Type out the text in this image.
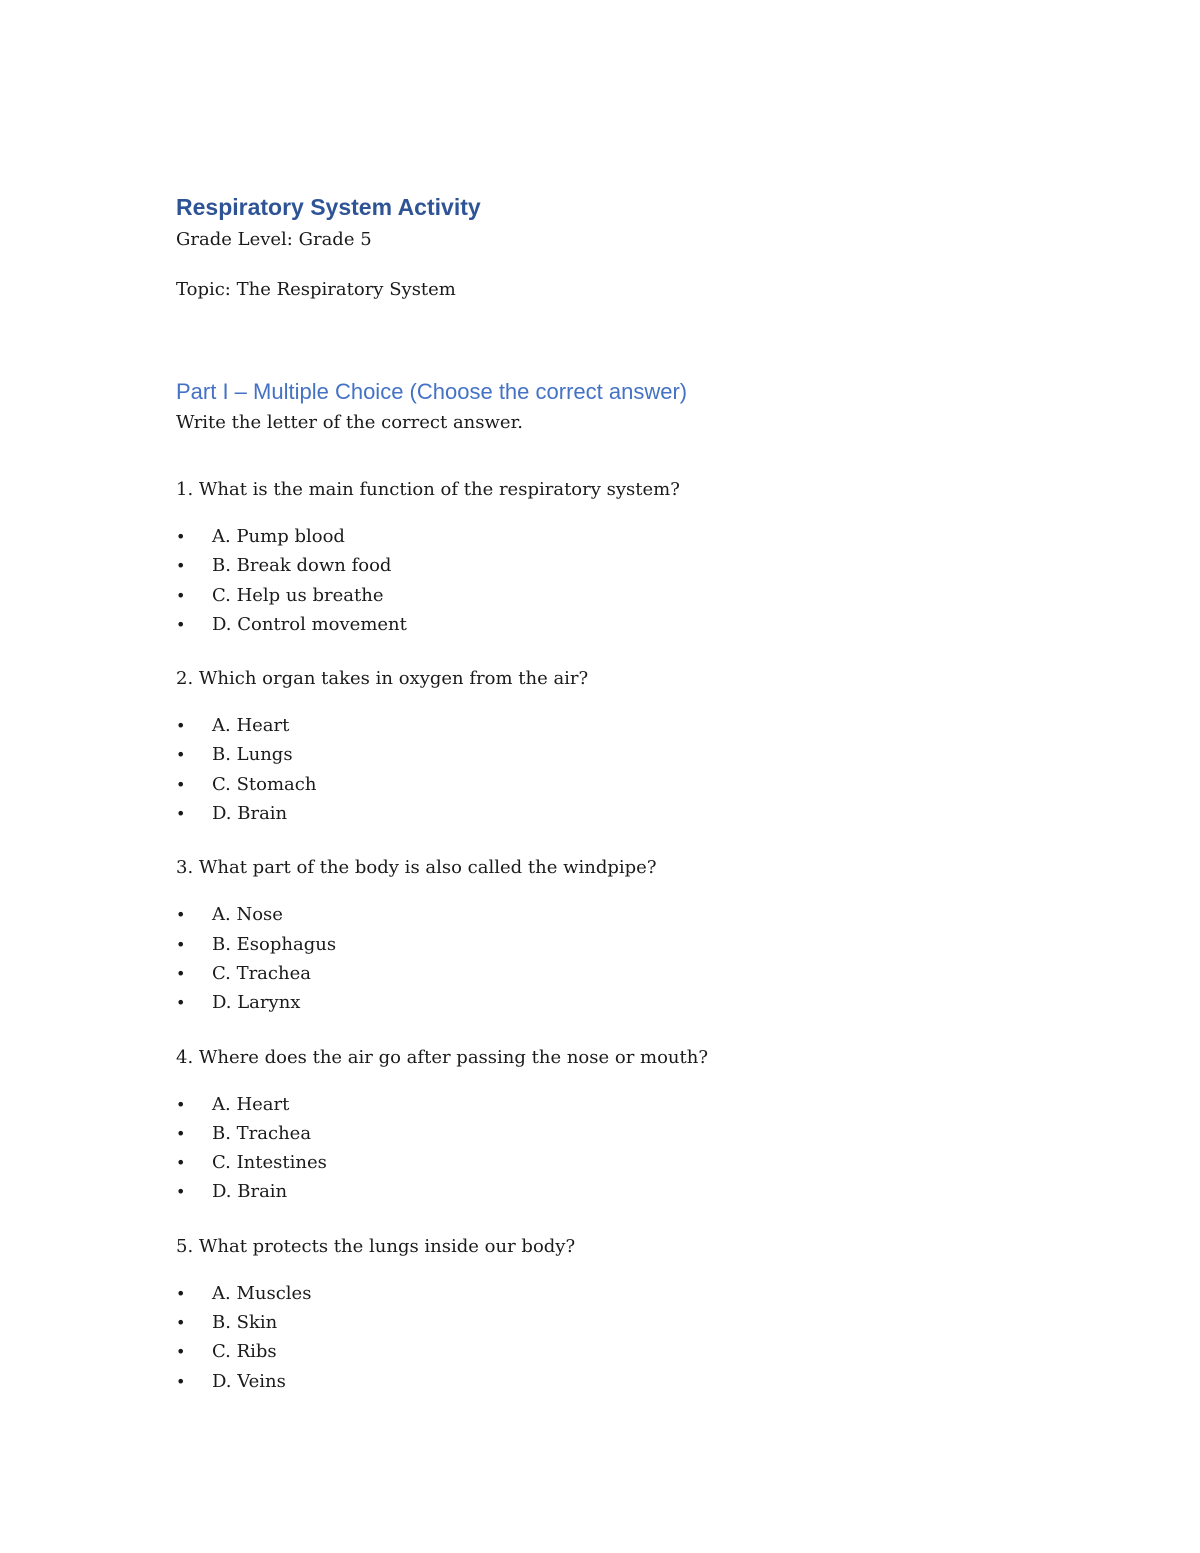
Respiratory System Activity

Grade Level: Grade 5

Topic: The Respiratory System

Part I – Multiple Choice (Choose the correct answer)

Write the letter of the correct answer.

1. What is the main function of the respiratory system?

• A. Pump blood
• B. Break down food
• C. Help us breathe
• D. Control movement

2. Which organ takes in oxygen from the air?

• A. Heart
• B. Lungs
• C. Stomach
• D. Brain

3. What part of the body is also called the windpipe?

• A. Nose
• B. Esophagus
• C. Trachea
• D. Larynx

4. Where does the air go after passing the nose or mouth?

• A. Heart
• B. Trachea
• C. Intestines
• D. Brain

5. What protects the lungs inside our body?

• A. Muscles
• B. Skin
• C. Ribs
• D. Veins
